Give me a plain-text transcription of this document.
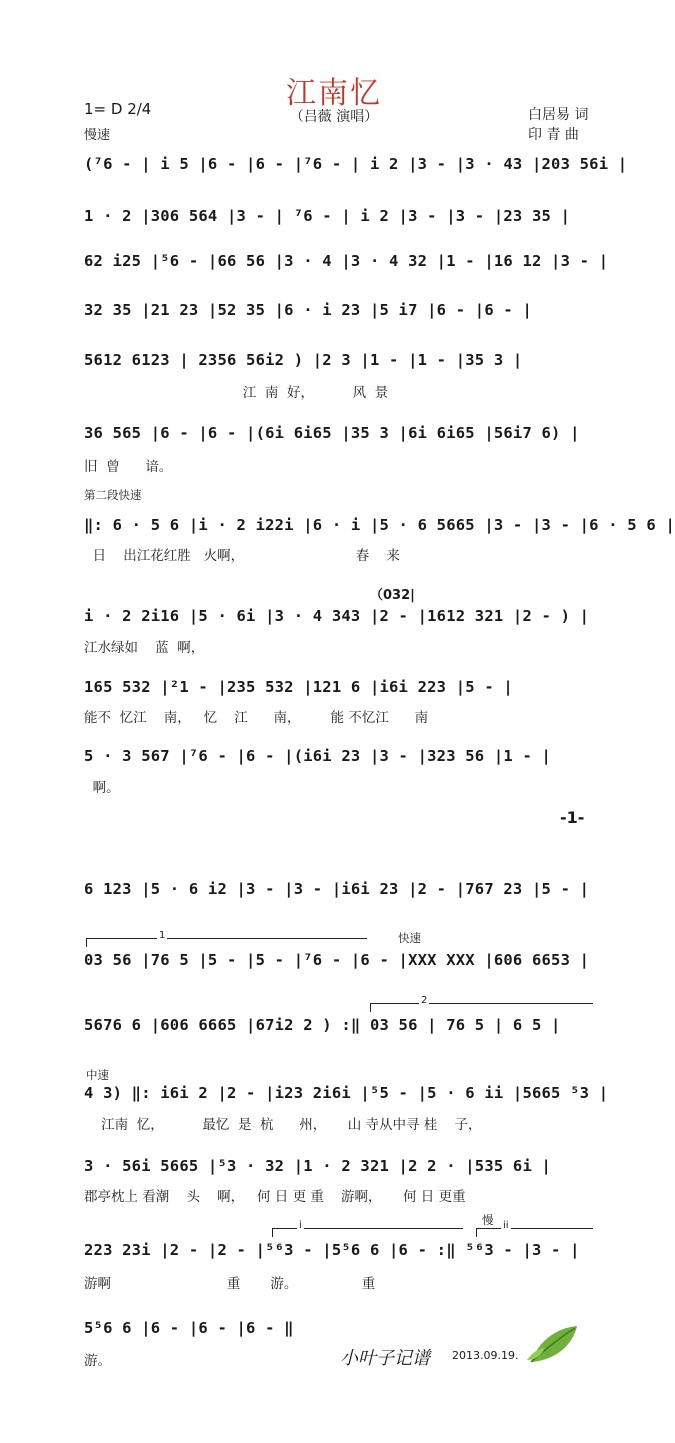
江南忆
（吕薇 演唱）
1= D 2/4
慢速
白居易 词
印 青 曲
(⁷6 - | i 5 |6 - |6 - |⁷6 - | i 2 |3 - |3 · 43 |203 56i |
1 · 2 |306 564 |3 - | ⁷6 - | i 2 |3 - |3 - |23 35 |
62 i25 |⁵6 - |66 56 |3 · 4 |3 · 4 32 |1 - |16 12 |3 - |
32 35 |21 23 |52 35 |6 · i 23 |5 i7 |6 - |6 - |
5612 6123 | 2356 56i2 ) |2 3 |1 - |1 - |35 3 |
江  南  好，         风  景
36 565 |6 - |6 - |(6i 6i65 |35 3 |6i 6i65 |56i7 6) |
旧  曾      谙。
第二段快速
‖: 6 · 5 6 |i · 2 i22i |6 · i |5 · 6 5665 |3 - |3 - |6 · 5 6 |
日    出江花红胜   火啊，                          春    来
（032|
i · 2 2i16 |5 · 6i |3 · 4 343 |2 - |1612 321 |2 - ) |
江水绿如    蓝  啊，
165 532 |²1 - |235 532 |121 6 |i6i 223 |5 - |
能不  忆江    南，   忆    江      南，       能 不忆江      南
5 · 3 567 |⁷6 - |6 - |(i6i 23 |3 - |323 56 |1 - |
啊。
-1-
6 123 |5 · 6 i2 |3 - |3 - |i6i 23 |2 - |767 23 |5 - |
1	快速
03 56 |76 5 |5 - |5 - |⁷6 - |6 - |XXX XXX |606 6653 |
2
5676 6 |606 6665 |67i2 2 ) :‖ 03 56 | 76 5 | 6 5 |
中速
4 3) ‖: i6i 2 |2 - |i23 2i6i |⁵5 - |5 · 6 ii |5665 ⁵3 |
江南  忆，         最忆  是  杭      州，     山 寺从中寻 桂    子，
3 · 56i 5665 |⁵3 · 32 |1 · 2 321 |2 2 · |535 6i |
郡亭枕上 看潮    头    啊，   何 日 更 重    游啊，     何 日 更重
i	慢 ii
223 23i |2 - |2 - |⁵⁶3 - |5⁵6 6 |6 - :‖ ⁵⁶3 - |3 - |
游啊                           重       游。               重
5⁵6 6 |6 - |6 - |6 - ‖
游。	小叶子记谱 2013.09.19.
